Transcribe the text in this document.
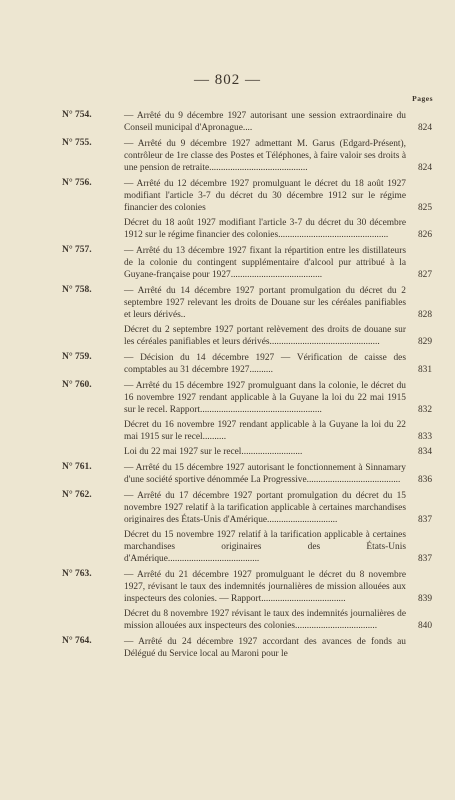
— 802 —
Pages
N° 754.	— Arrêté du 9 décembre 1927 autorisant une session extraordinaire du Conseil municipal d'Apronague....	824
N° 755.	— Arrêté du 9 décembre 1927 admettant M. Garus (Edgard-Présent), contrôleur de 1re classe des Postes et Téléphones, à faire valoir ses droits à une pension de retraite..........................................	824
N° 756.	— Arrêté du 12 décembre 1927 promulguant le décret du 18 août 1927 modifiant l'article 3-7 du décret du 30 décembre 1912 sur le régime financier des colonies	825
Décret du 18 août 1927 modifiant l'article 3-7 du décret du 30 décembre 1912 sur le régime financier des colonies...............................................	826
N° 757.	— Arrêté du 13 décembre 1927 fixant la répartition entre les distillateurs de la colonie du contingent supplémentaire d'alcool pur attribué à la Guyane-française pour 1927.......................................	827
N° 758.	— Arrêté du 14 décembre 1927 portant promulgation du décret du 2 septembre 1927 relevant les droits de Douane sur les céréales panifiables et leurs dérivés..	828
Décret du 2 septembre 1927 portant relèvement des droits de douane sur les céréales panifiables et leurs dérivés...............................................	829
N° 759.	— Décision du 14 décembre 1927 — Vérification de caisse des comptables au 31 décembre 1927..........	831
N° 760.	— Arrêté du 15 décembre 1927 promulguant dans la colonie, le décret du 16 novembre 1927 rendant applicable à la Guyane la loi du 22 mai 1915 sur le recel. Rapport....................................................	832
Décret du 16 novembre 1927 rendant applicable à la Guyane la loi du 22 mai 1915 sur le recel..........	833
Loi du 22 mai 1927 sur le recel..........................	834
N° 761.	— Arrêté du 15 décembre 1927 autorisant le fonctionnement à Sinnamary d'une société sportive dénommée La Progressive........................................	836
N° 762.	— Arrêté du 17 décembre 1927 portant promulgation du décret du 15 novembre 1927 relatif à la tarification applicable à certaines marchandises originaires des États-Unis d'Amérique..............................	837
Décret du 15 novembre 1927 relatif à la tarification applicable à certaines marchandises originaires des États-Unis d'Amérique.......................................	837
N° 763.	— Arrêté du 21 décembre 1927 promulguant le décret du 8 novembre 1927, révisant le taux des indemnités journalières de mission allouées aux inspecteurs des colonies. — Rapport....................................	839
Décret du 8 novembre 1927 révisant le taux des indemnités journalières de mission allouées aux inspecteurs des colonies...................................	840
N° 764.	— Arrêté du 24 décembre 1927 accordant des avances de fonds au Délégué du Service local au Maroni pour le
